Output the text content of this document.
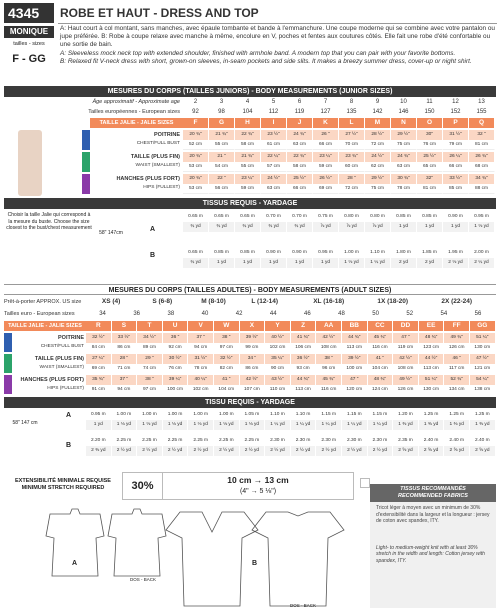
4345	ROBE ET HAUT - DRESS AND TOP
MONIQUE
tailles - sizes
F - GG
A: Haut court à col montant, sans manches, avec épaule tombante et bande à l'emmanchure. Une coupe moderne qui se combine avec votre pantalon ou jupe préférée. B: Robe à coupe relaxe avec manche à même, encolure en V, poches et fentes aux coutures côtés. Elle fait une robe d'été confortable ou une sortie de bain.
A: Sleeveless mock neck top with extended shoulder, finished with armhole band. A modern top that you can pair with your favorite bottoms.
B: Relaxed fit V-neck dress with short, grown-on sleeves, in-seam pockets and side slits. It makes a breezy summer dress, cover-up or night shirt.
MESURES DU CORPS (TAILLES JUNIORS) - BODY MEASUREMENTS (JUNIOR SIZES)
Âge approximatif - Approximate age	2	3	4	5	6	7	8	9	10	11	12	13
Tailles européennes - European sizes	92	98	104	112	119	127	135	142	146	150	152	155
TAILLE JALIE - JALIE SIZES	F	G	H	I	J	K	L	M	N	O	P	Q
POITRINE
CHEST/FULL BUST
20 ¾"	21 ¾"	22 ¾"	23 ½"	24 ¾"	26 "	27 ½"	28 ½"	29 ½"	30"	31 ½"	32 "
52 cm	55 cm	58 cm	61 cm	63 cm	66 cm	70 cm	72 cm	75 cm	76 cm	79 cm	81 cm
TAILLE (PLUS FIN)
WAIST (SMALLEST)
20 ¾"	21 "	21 ¾"	22 ¼"	22 ¾"	23 ¼"	23 ¾"	24 ½"	24 ¾"	25 ½"	26 ¼"	26 ¾"
53 cm	54 cm	55 cm	57 cm	58 cm	59 cm	60 cm	62 cm	63 cm	65 cm	66 cm	68 cm
HANCHES (PLUS FORT)
HIPS (FULLEST)
20 ¾"	22 "	23 ¼"	24 ½"	25 ½"	26 ½"	28 "	29 ½"	30 ¾"	32"	33 ½"	34 ¾"
53 cm	56 cm	59 cm	63 cm	66 cm	69 cm	72 cm	75 cm	78 cm	81 cm	85 cm	88 cm
TISSUS REQUIS - YARDAGE
Choisir la taille Jalie qui correspond à la mesure du buste. Choose the size closest to the bust/chest measurement
58" 147cm	A
B
0.65 m	0.65 m	0.65 m	0.70 m	0.70 m	0.75 m	0.80 m	0.80 m	0.85 m	0.85 m	0.90 m	0.95 m
¾ yd	¾ yd	¾ yd	¾ yd	¾ yd	⅞ yd	⅞ yd	⅞ yd	1 yd	1 yd	1 yd	1 ⅛ yd
0.65 m	0.85 m	0.85 m	0.90 m	0.90 m	0.95 m	1.00 m	1.10 m	1.80 m	1.85 m	1.95 m	2.00 m
¾ yd	1 yd	1 yd	1 yd	1 yd	1 yd	1 ⅛ yd	1 ¼ yd	2 yd	2 yd	2 ⅛ yd	2 ¼ yd
MESURES DU CORPS (TAILLES ADULTES) - BODY MEASUREMENTS (ADULT SIZES)
Prêt-à-porter APPROX. US size	XS (4)	S (6-8)	M (8-10)	L (12-14)	XL (16-18)	1X (18-20)	2X (22-24)
Tailles euro - European sizes	34	36	38	40	42	44	46	48	50	52	54	56
TAILLE JALIE - JALIE SIZES	R	S	T	U	V	W	X	Y	Z	AA	BB	CC	DD	EE	FF	GG
POITRINE
CHEST/FULL BUST
32 ½"	33 ½"	34 ½"	36 "	37 "	38 "	39 ½"	40 ½"	41 ¾"	42 ½"	44 ¾"	45 ¾"	47 "	48 ¾"	49 ¾"	51 ¼"
84 cm	86 cm	89 cm	92 cm	94 cm	97 cm	99 cm	102 cm	106 cm	108 cm	113 cm	116 cm	119 cm	123 cm	126 cm	130 cm
TAILLE (PLUS FIN)
WAIST (SMALLEST)
27 ¼"	28 "	29 "	30 ½"	31 ½"	32 ½"	34 "	35 ¼"	36 ½"	38 "	39 ½"	41 "	42 ½"	44 ½"	46 "	47 ½"
69 cm	71 cm	74 cm	76 cm	78 cm	82 cm	86 cm	90 cm	93 cm	96 cm	100 cm	104 cm	108 cm	113 cm	117 cm	121 cm
HANCHES (PLUS FORT)
HIPS (FULLEST)
35 ¾"	37 "	38 "	39 ¼"	40 ¼"	41 "	42 ½"	43 ½"	44 ¾"	45 ¾"	47 "	48 ¾"	49 ½"	51 ¼"	52 ¾"	54 ¼"
91 cm	94 cm	97 cm	100 cm	102 cm	104 cm	107 cm	110 cm	113 cm	116 cm	120 cm	124 cm	126 cm	130 cm	134 cm	138 cm
TISSU REQUIS - YARDAGE
58" 147 cm
A
B
0.95 m	1.00 m	1.00 m	1.00 m	1.00 m	1.00 m	1.05 m	1.10 m	1.10 m	1.15 m	1.15 m	1.15 m	1.20 m	1.25 m	1.25 m	1.25 m
1 yd	1 ⅛ yd	1 ⅛ yd	1 ⅛ yd	1 ⅛ yd	1 ⅛ yd	1 ⅛ yd	1 ¼ yd	1 ¼ yd	1 ¼ yd	1 ¼ yd	1 ¼ yd	1 ⅜ yd	1 ⅜ yd	1 ⅜ yd	1 ⅜ yd
2.20 m	2.25 m	2.25 m	2.25 m	2.25 m	2.25 m	2.25 m	2.30 m	2.30 m	2.30 m	2.30 m	2.30 m	2.35 m	2.40 m	2.40 m	2.40 m
2 ⅜ yd	2 ½ yd	2 ½ yd	2 ½ yd	2 ½ yd	2 ½ yd	2 ½ yd	2 ½ yd	2 ½ yd	2 ½ yd	2 ½ yd	2 ½ yd	2 ⅝ yd	2 ⅝ yd	2 ⅝ yd	2 ⅝ yd
EXTENSIBILITÉ MINIMALE REQUISE
MINIMUM STRETCH REQUIRED	30%	10 cm → 13 cm
(4" → 5 ⅛")	TISSUS RECOMMANDÉS
RECOMMENDED FABRICS
Tricot léger à moyen avec un minimum de 30% d'extensibilité dans la largeur et la longueur : jersey de coton avec spandex, ITY.
Light- to medium-weight knit with at least 30% stretch in the width and length: Cotton jersey with spandex, ITY.
A
DOS - BACK
B
DOS - BACK
